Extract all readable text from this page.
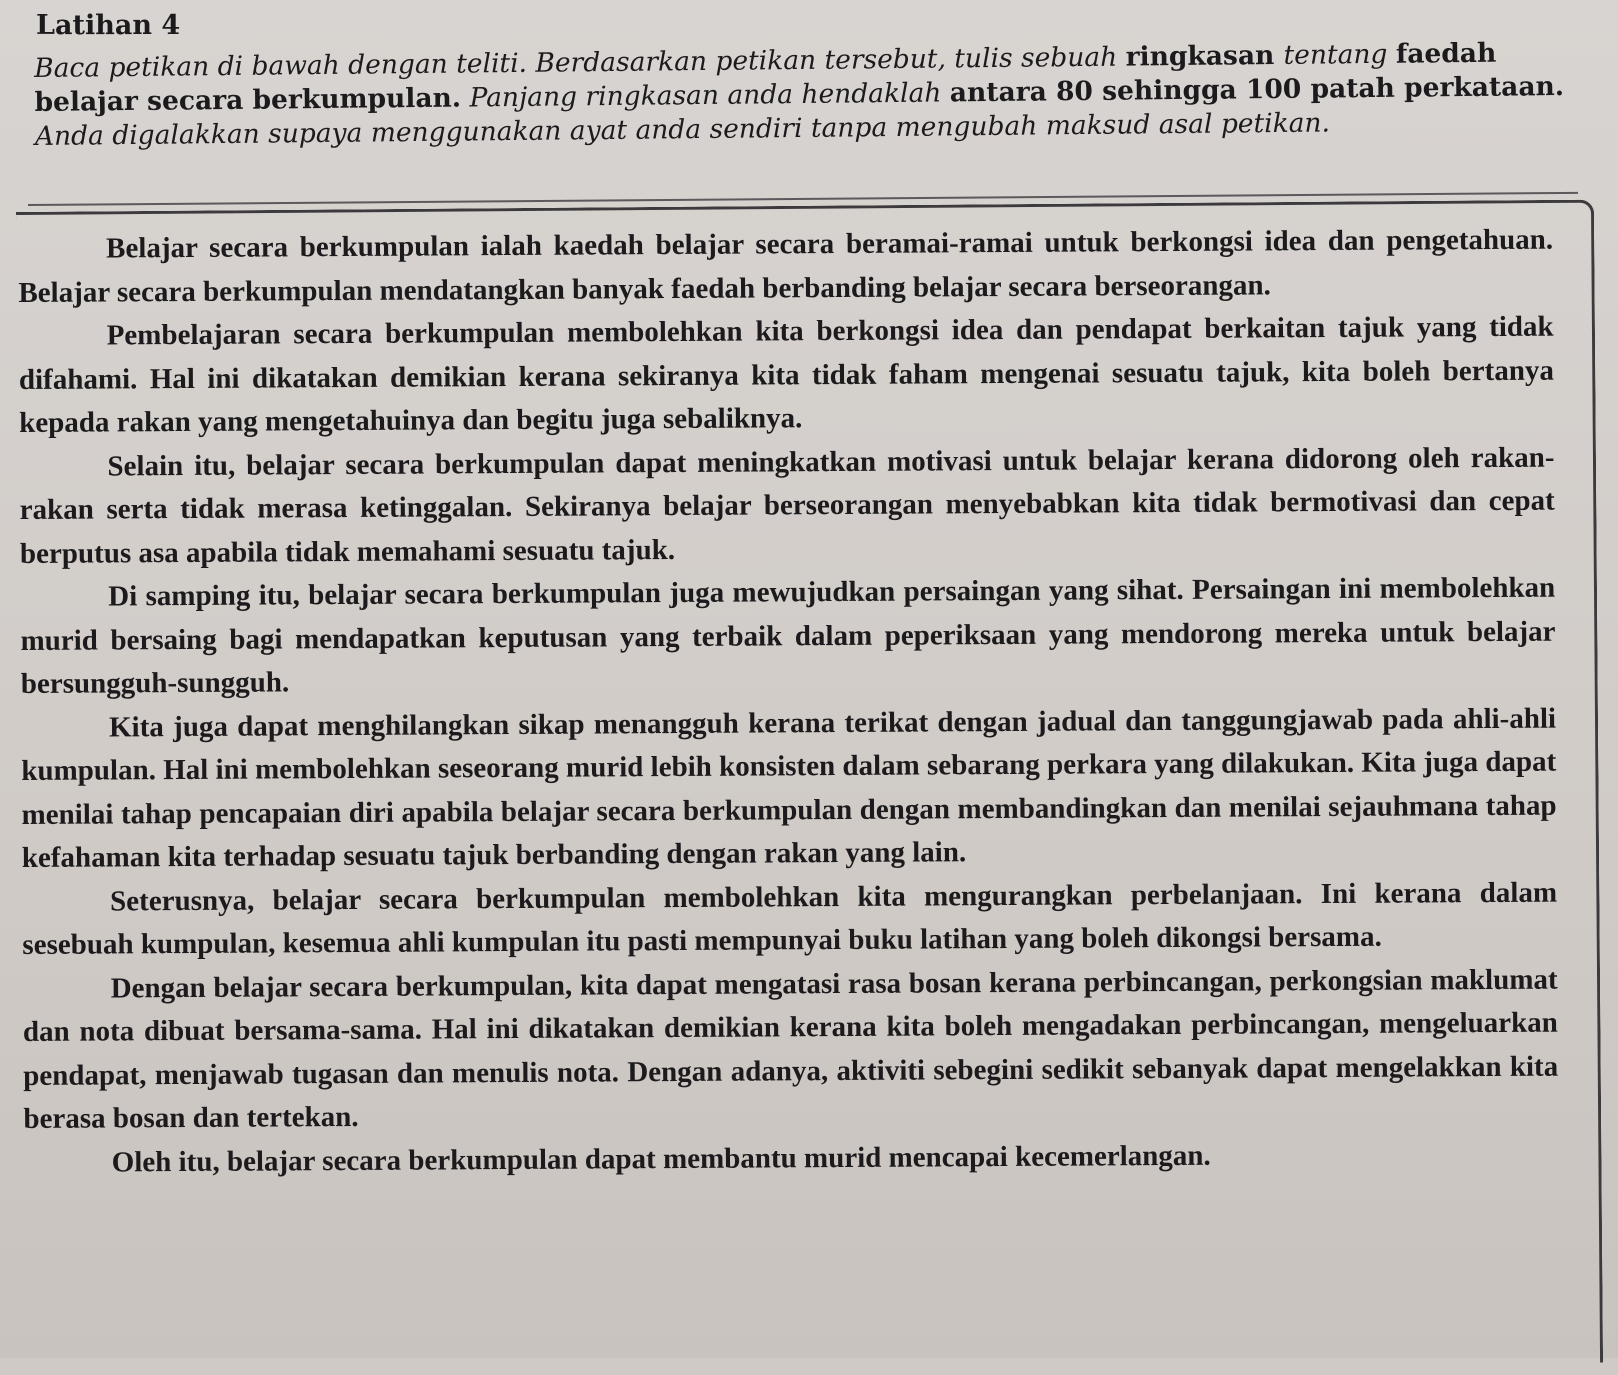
Latihan 4

Baca petikan di bawah dengan teliti. Berdasarkan petikan tersebut, tulis sebuah ringkasan tentang faedah belajar secara berkumpulan. Panjang ringkasan anda hendaklah antara 80 sehingga 100 patah perkataan. Anda digalakkan supaya menggunakan ayat anda sendiri tanpa mengubah maksud asal petikan.

Belajar secara berkumpulan ialah kaedah belajar secara beramai-ramai untuk berkongsi idea dan pengetahuan. Belajar secara berkumpulan mendatangkan banyak faedah berbanding belajar secara berseorangan.

Pembelajaran secara berkumpulan membolehkan kita berkongsi idea dan pendapat berkaitan tajuk yang tidak difahami. Hal ini dikatakan demikian kerana sekiranya kita tidak faham mengenai sesuatu tajuk, kita boleh bertanya kepada rakan yang mengetahuinya dan begitu juga sebaliknya.

Selain itu, belajar secara berkumpulan dapat meningkatkan motivasi untuk belajar kerana didorong oleh rakan-rakan serta tidak merasa ketinggalan. Sekiranya belajar berseorangan menyebabkan kita tidak bermotivasi dan cepat berputus asa apabila tidak memahami sesuatu tajuk.

Di samping itu, belajar secara berkumpulan juga mewujudkan persaingan yang sihat. Persaingan ini membolehkan murid bersaing bagi mendapatkan keputusan yang terbaik dalam peperiksaan yang mendorong mereka untuk belajar bersungguh-sungguh.

Kita juga dapat menghilangkan sikap menangguh kerana terikat dengan jadual dan tanggungjawab pada ahli-ahli kumpulan. Hal ini membolehkan seseorang murid lebih konsisten dalam sebarang perkara yang dilakukan. Kita juga dapat menilai tahap pencapaian diri apabila belajar secara berkumpulan dengan membandingkan dan menilai sejauhmana tahap kefahaman kita terhadap sesuatu tajuk berbanding dengan rakan yang lain.

Seterusnya, belajar secara berkumpulan membolehkan kita mengurangkan perbelanjaan. Ini kerana dalam sesebuah kumpulan, kesemua ahli kumpulan itu pasti mempunyai buku latihan yang boleh dikongsi bersama.

Dengan belajar secara berkumpulan, kita dapat mengatasi rasa bosan kerana perbincangan, perkongsian maklumat dan nota dibuat bersama-sama. Hal ini dikatakan demikian kerana kita boleh mengadakan perbincangan, mengeluarkan pendapat, menjawab tugasan dan menulis nota. Dengan adanya, aktiviti sebegini sedikit sebanyak dapat mengelakkan kita berasa bosan dan tertekan.

Oleh itu, belajar secara berkumpulan dapat membantu murid mencapai kecemerlangan.
